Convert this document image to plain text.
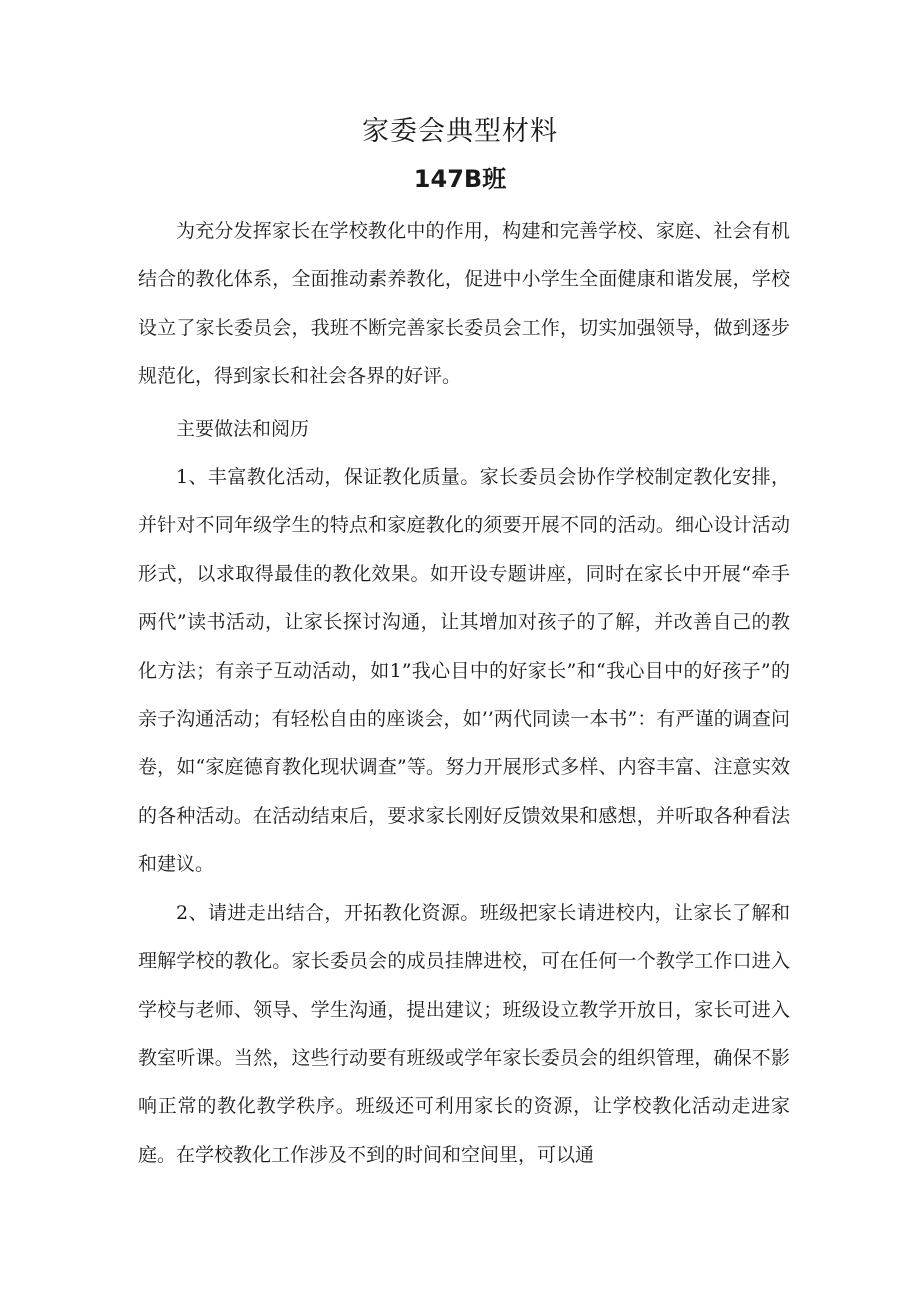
家委会典型材料
147B班

为充分发挥家长在学校教化中的作用，构建和完善学校、家庭、社会有机结合的教化体系，全面推动素养教化，促进中小学生全面健康和谐发展，学校设立了家长委员会，我班不断完善家长委员会工作，切实加强领导，做到逐步规范化，得到家长和社会各界的好评。

主要做法和阅历

1、丰富教化活动，保证教化质量。家长委员会协作学校制定教化安排，并针对不同年级学生的特点和家庭教化的须要开展不同的活动。细心设计活动形式，以求取得最佳的教化效果。如开设专题讲座，同时在家长中开展“牵手两代”读书活动，让家长探讨沟通，让其增加对孩子的了解，并改善自己的教化方法；有亲子互动活动，如1”我心目中的好家长”和“我心目中的好孩子”的亲子沟通活动；有轻松自由的座谈会，如’’两代同读一本书”：有严谨的调查问卷，如“家庭德育教化现状调查”等。努力开展形式多样、内容丰富、注意实效的各种活动。在活动结束后，要求家长刚好反馈效果和感想，并听取各种看法和建议。

2、请进走出结合，开拓教化资源。班级把家长请进校内，让家长了解和理解学校的教化。家长委员会的成员挂牌进校，可在任何一个教学工作口进入学校与老师、领导、学生沟通，提出建议；班级设立教学开放日，家长可进入教室听课。当然，这些行动要有班级或学年家长委员会的组织管理，确保不影响正常的教化教学秩序。班级还可利用家长的资源，让学校教化活动走进家庭。在学校教化工作涉及不到的时间和空间里，可以通
